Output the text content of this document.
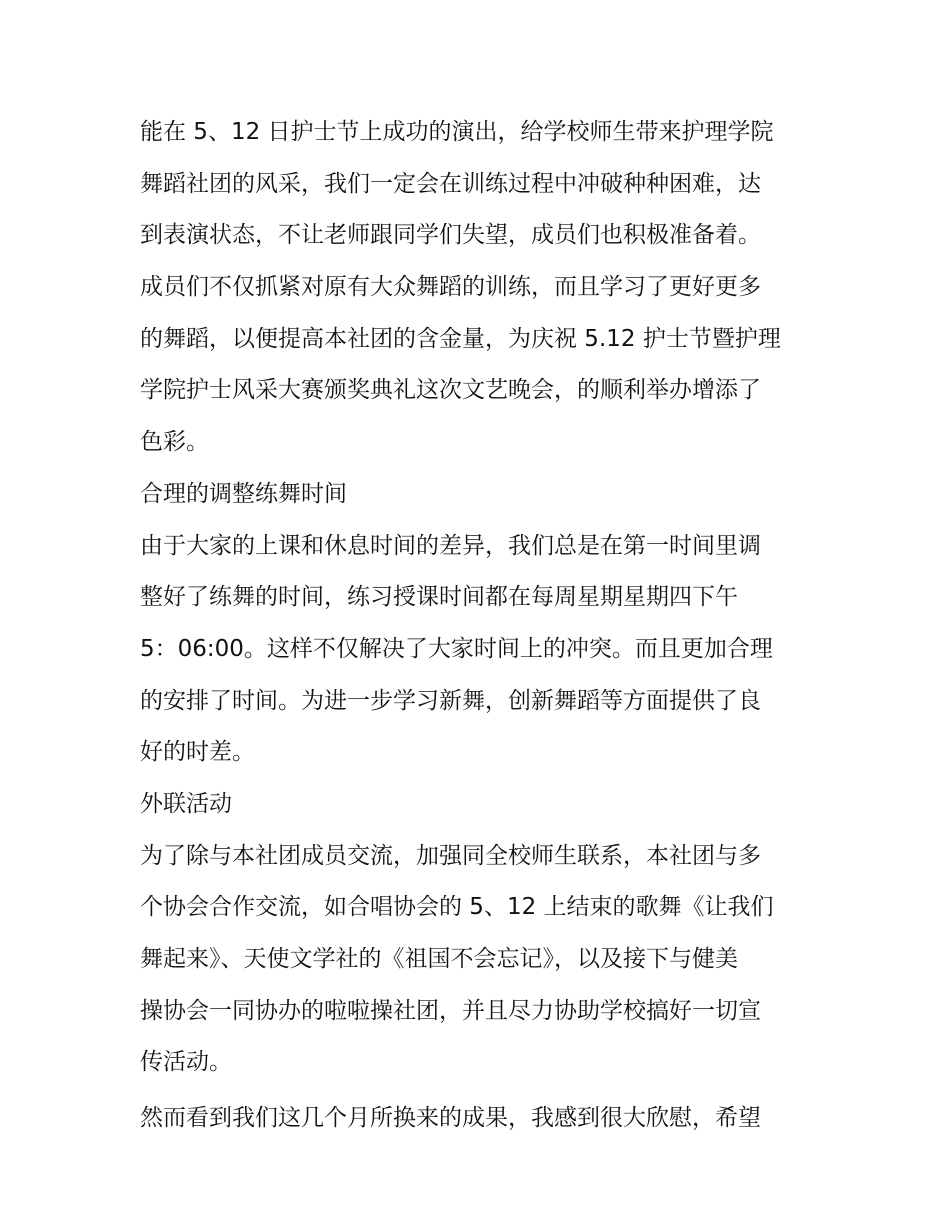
能在 5、12 日护士节上成功的演出，给学校师生带来护理学院
舞蹈社团的风采，我们一定会在训练过程中冲破种种困难，达
到表演状态，不让老师跟同学们失望，成员们也积极准备着。
成员们不仅抓紧对原有大众舞蹈的训练，而且学习了更好更多
的舞蹈，以便提高本社团的含金量，为庆祝 5.12 护士节暨护理
学院护士风采大赛颁奖典礼这次文艺晚会，的顺利举办增添了
色彩。
合理的调整练舞时间
由于大家的上课和休息时间的差异，我们总是在第一时间里调
整好了练舞的时间，练习授课时间都在每周星期星期四下午
5：06:00。这样不仅解决了大家时间上的冲突。而且更加合理
的安排了时间。为进一步学习新舞，创新舞蹈等方面提供了良
好的时差。
外联活动
为了除与本社团成员交流，加强同全校师生联系，本社团与多
个协会合作交流，如合唱协会的 5、12 上结束的歌舞《让我们
舞起来》、天使文学社的《祖国不会忘记》，以及接下与健美
操协会一同协办的啦啦操社团，并且尽力协助学校搞好一切宣
传活动。
然而看到我们这几个月所换来的成果，我感到很大欣慰，希望
